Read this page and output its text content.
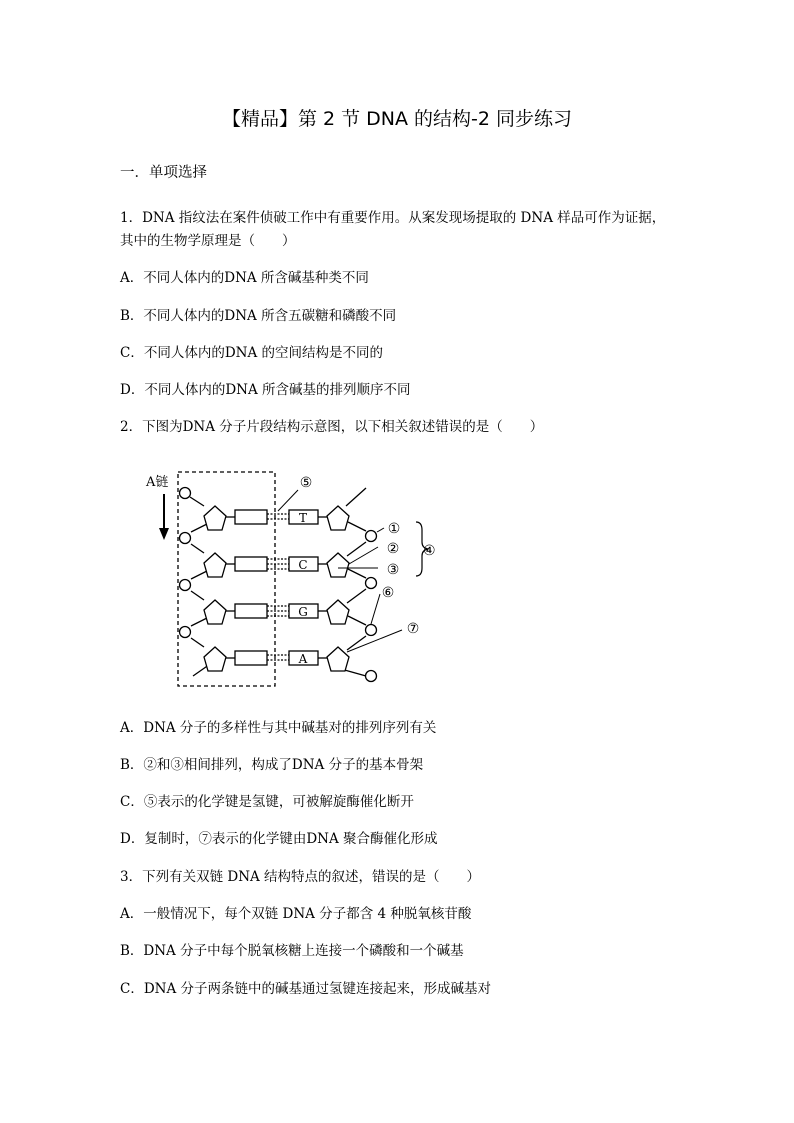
【精品】第 2 节 DNA 的结构-2 同步练习
一．单项选择
1．DNA 指纹法在案件侦破工作中有重要作用。从案发现场提取的 DNA 样品可作为证据，
其中的生物学原理是（　　）
A．不同人体内的DNA 所含碱基种类不同
B．不同人体内的DNA 所含五碳糖和磷酸不同
C．不同人体内的DNA 的空间结构是不同的
D．不同人体内的DNA 所含碱基的排列顺序不同
2．下图为DNA 分子片段结构示意图，以下相关叙述错误的是（　　）
A链
T
C
G
A
⑤
①
②
③
④
⑥
⑦
A．DNA 分子的多样性与其中碱基对的排列序列有关
B．②和③相间排列，构成了DNA 分子的基本骨架
C．⑤表示的化学键是氢键，可被解旋酶催化断开
D．复制时，⑦表示的化学键由DNA 聚合酶催化形成
3．下列有关双链 DNA 结构特点的叙述，错误的是（　　）
A．一般情况下，每个双链 DNA 分子都含 4 种脱氧核苷酸
B．DNA 分子中每个脱氧核糖上连接一个磷酸和一个碱基
C．DNA 分子两条链中的碱基通过氢键连接起来，形成碱基对
